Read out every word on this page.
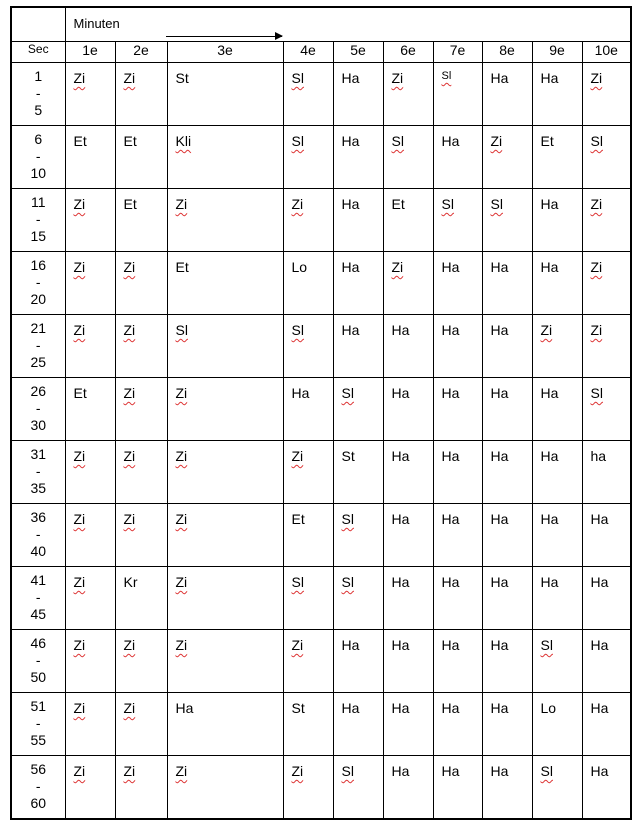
	Minuten									

Sec	1e	2e	3e	4e	5e	6e	7e	8e	9e	10e

1
-
5	Zi	Zi	St	Sl	Ha	Zi	Sl	Ha	Ha	Zi

6
-
10	Et	Et	Kli	Sl	Ha	Sl	Ha	Zi	Et	Sl

11
-
15	Zi	Et	Zi	Zi	Ha	Et	Sl	Sl	Ha	Zi

16
-
20	Zi	Zi	Et	Lo	Ha	Zi	Ha	Ha	Ha	Zi

21
-
25	Zi	Zi	Sl	Sl	Ha	Ha	Ha	Ha	Zi	Zi

26
-
30	Et	Zi	Zi	Ha	Sl	Ha	Ha	Ha	Ha	Sl

31
-
35	Zi	Zi	Zi	Zi	St	Ha	Ha	Ha	Ha	ha

36
-
40	Zi	Zi	Zi	Et	Sl	Ha	Ha	Ha	Ha	Ha

41
-
45	Zi	Kr	Zi	Sl	Sl	Ha	Ha	Ha	Ha	Ha

46
-
50	Zi	Zi	Zi	Zi	Ha	Ha	Ha	Ha	Sl	Ha

51
-
55	Zi	Zi	Ha	St	Ha	Ha	Ha	Ha	Lo	Ha

56
-
60	Zi	Zi	Zi	Zi	Sl	Ha	Ha	Ha	Sl	Ha
